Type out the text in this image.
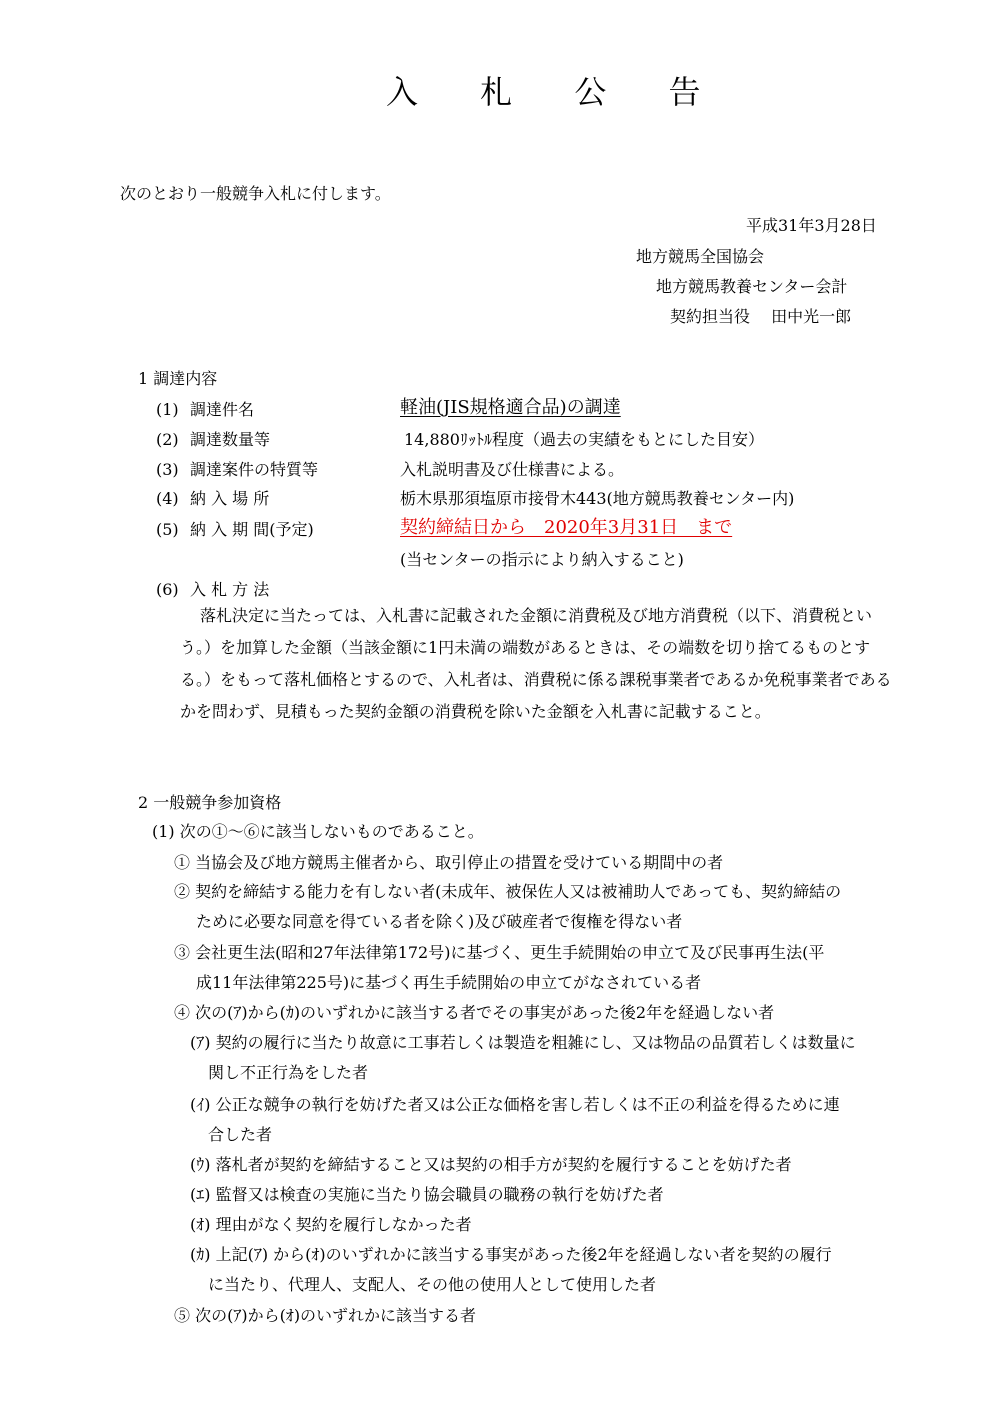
入 札 公 告
次のとおり一般競争入札に付します。
平成31年3月28日
地方競馬全国協会
地方競馬教養センター会計
契約担当役　 田中光一郎
1 調達内容
(1) 調達件名	軽油(JIS規格適合品)の調達
(2) 調達数量等	14,880ﾘｯﾄﾙ程度（過去の実績をもとにした目安）
(3) 調達案件の特質等	入札説明書及び仕様書による。
(4) 納 入 場 所	栃木県那須塩原市接骨木443(地方競馬教養センター内)
(5) 納 入 期 間(予定)	契約締結日から　2020年3月31日　まで
(当センターの指示により納入すること)
(6) 入 札 方 法
落札決定に当たっては、入札書に記載された金額に消費税及び地方消費税（以下、消費税という。）を加算した金額（当該金額に1円未満の端数があるときは、その端数を切り捨てるものとする。）をもって落札価格とするので、入札者は、消費税に係る課税事業者であるか免税事業者であるかを問わず、見積もった契約金額の消費税を除いた金額を入札書に記載すること。
2 一般競争参加資格
(1) 次の①～⑥に該当しないものであること。
① 当協会及び地方競馬主催者から、取引停止の措置を受けている期間中の者
② 契約を締結する能力を有しない者(未成年、被保佐人又は被補助人であっても、契約締結の
ために必要な同意を得ている者を除く)及び破産者で復権を得ない者
③ 会社更生法(昭和27年法律第172号)に基づく、更生手続開始の申立て及び民事再生法(平
成11年法律第225号)に基づく再生手続開始の申立てがなされている者
④ 次の(ｱ)から(ｶ)のいずれかに該当する者でその事実があった後2年を経過しない者
(ｱ) 契約の履行に当たり故意に工事若しくは製造を粗雑にし、又は物品の品質若しくは数量に
関し不正行為をした者
(ｲ) 公正な競争の執行を妨げた者又は公正な価格を害し若しくは不正の利益を得るために連
合した者
(ｳ) 落札者が契約を締結すること又は契約の相手方が契約を履行することを妨げた者
(ｴ) 監督又は検査の実施に当たり協会職員の職務の執行を妨げた者
(ｵ) 理由がなく契約を履行しなかった者
(ｶ) 上記(ｱ) から(ｵ)のいずれかに該当する事実があった後2年を経過しない者を契約の履行
に当たり、代理人、支配人、その他の使用人として使用した者
⑤ 次の(ｱ)から(ｵ)のいずれかに該当する者
